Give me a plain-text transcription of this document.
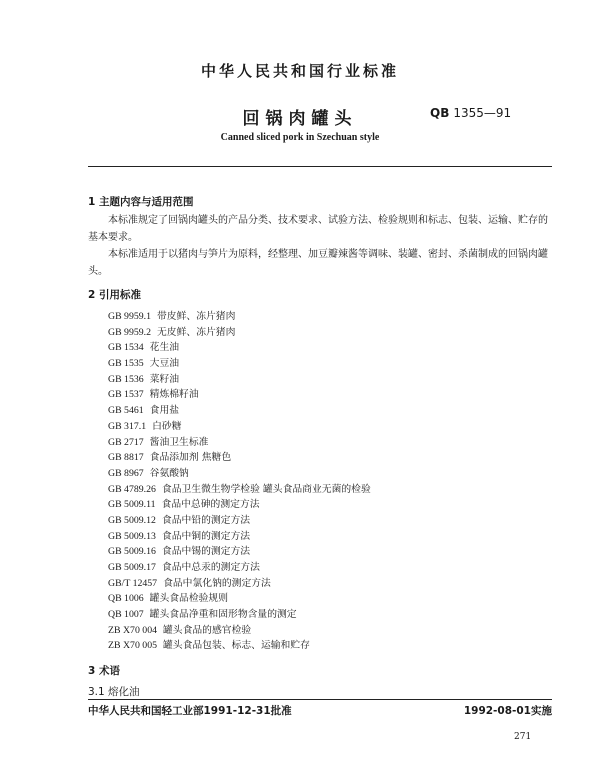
中华人民共和国行业标准
回锅肉罐头	QB 1355—91
Canned sliced pork in Szechuan style
1 主题内容与适用范围

本标准规定了回锅肉罐头的产品分类、技术要求、试验方法、检验规则和标志、包装、运输、贮存的基本要求。

本标准适用于以猪肉与笋片为原料，经整理、加豆瓣辣酱等调味、装罐、密封、杀菌制成的回锅肉罐头。

2 引用标准
GB 9959.1 带皮鲜、冻片猪肉
GB 9959.2 无皮鲜、冻片猪肉
GB 1534 花生油
GB 1535 大豆油
GB 1536 菜籽油
GB 1537 精炼棉籽油
GB 5461 食用盐
GB 317.1 白砂糖
GB 2717 酱油卫生标准
GB 8817 食品添加剂 焦糖色
GB 8967 谷氨酸钠
GB 4789.26 食品卫生微生物学检验 罐头食品商业无菌的检验
GB 5009.11 食品中总砷的测定方法
GB 5009.12 食品中铅的测定方法
GB 5009.13 食品中铜的测定方法
GB 5009.16 食品中锡的测定方法
GB 5009.17 食品中总汞的测定方法
GB/T 12457 食品中氯化钠的测定方法
QB 1006 罐头食品检验规则
QB 1007 罐头食品净重和固形物含量的测定
ZB X70 004 罐头食品的感官检验
ZB X70 005 罐头食品包装、标志、运输和贮存
3 术语
3.1 熔化油
中华人民共和国轻工业部1991-12-31批准	1992-08-01实施
271
